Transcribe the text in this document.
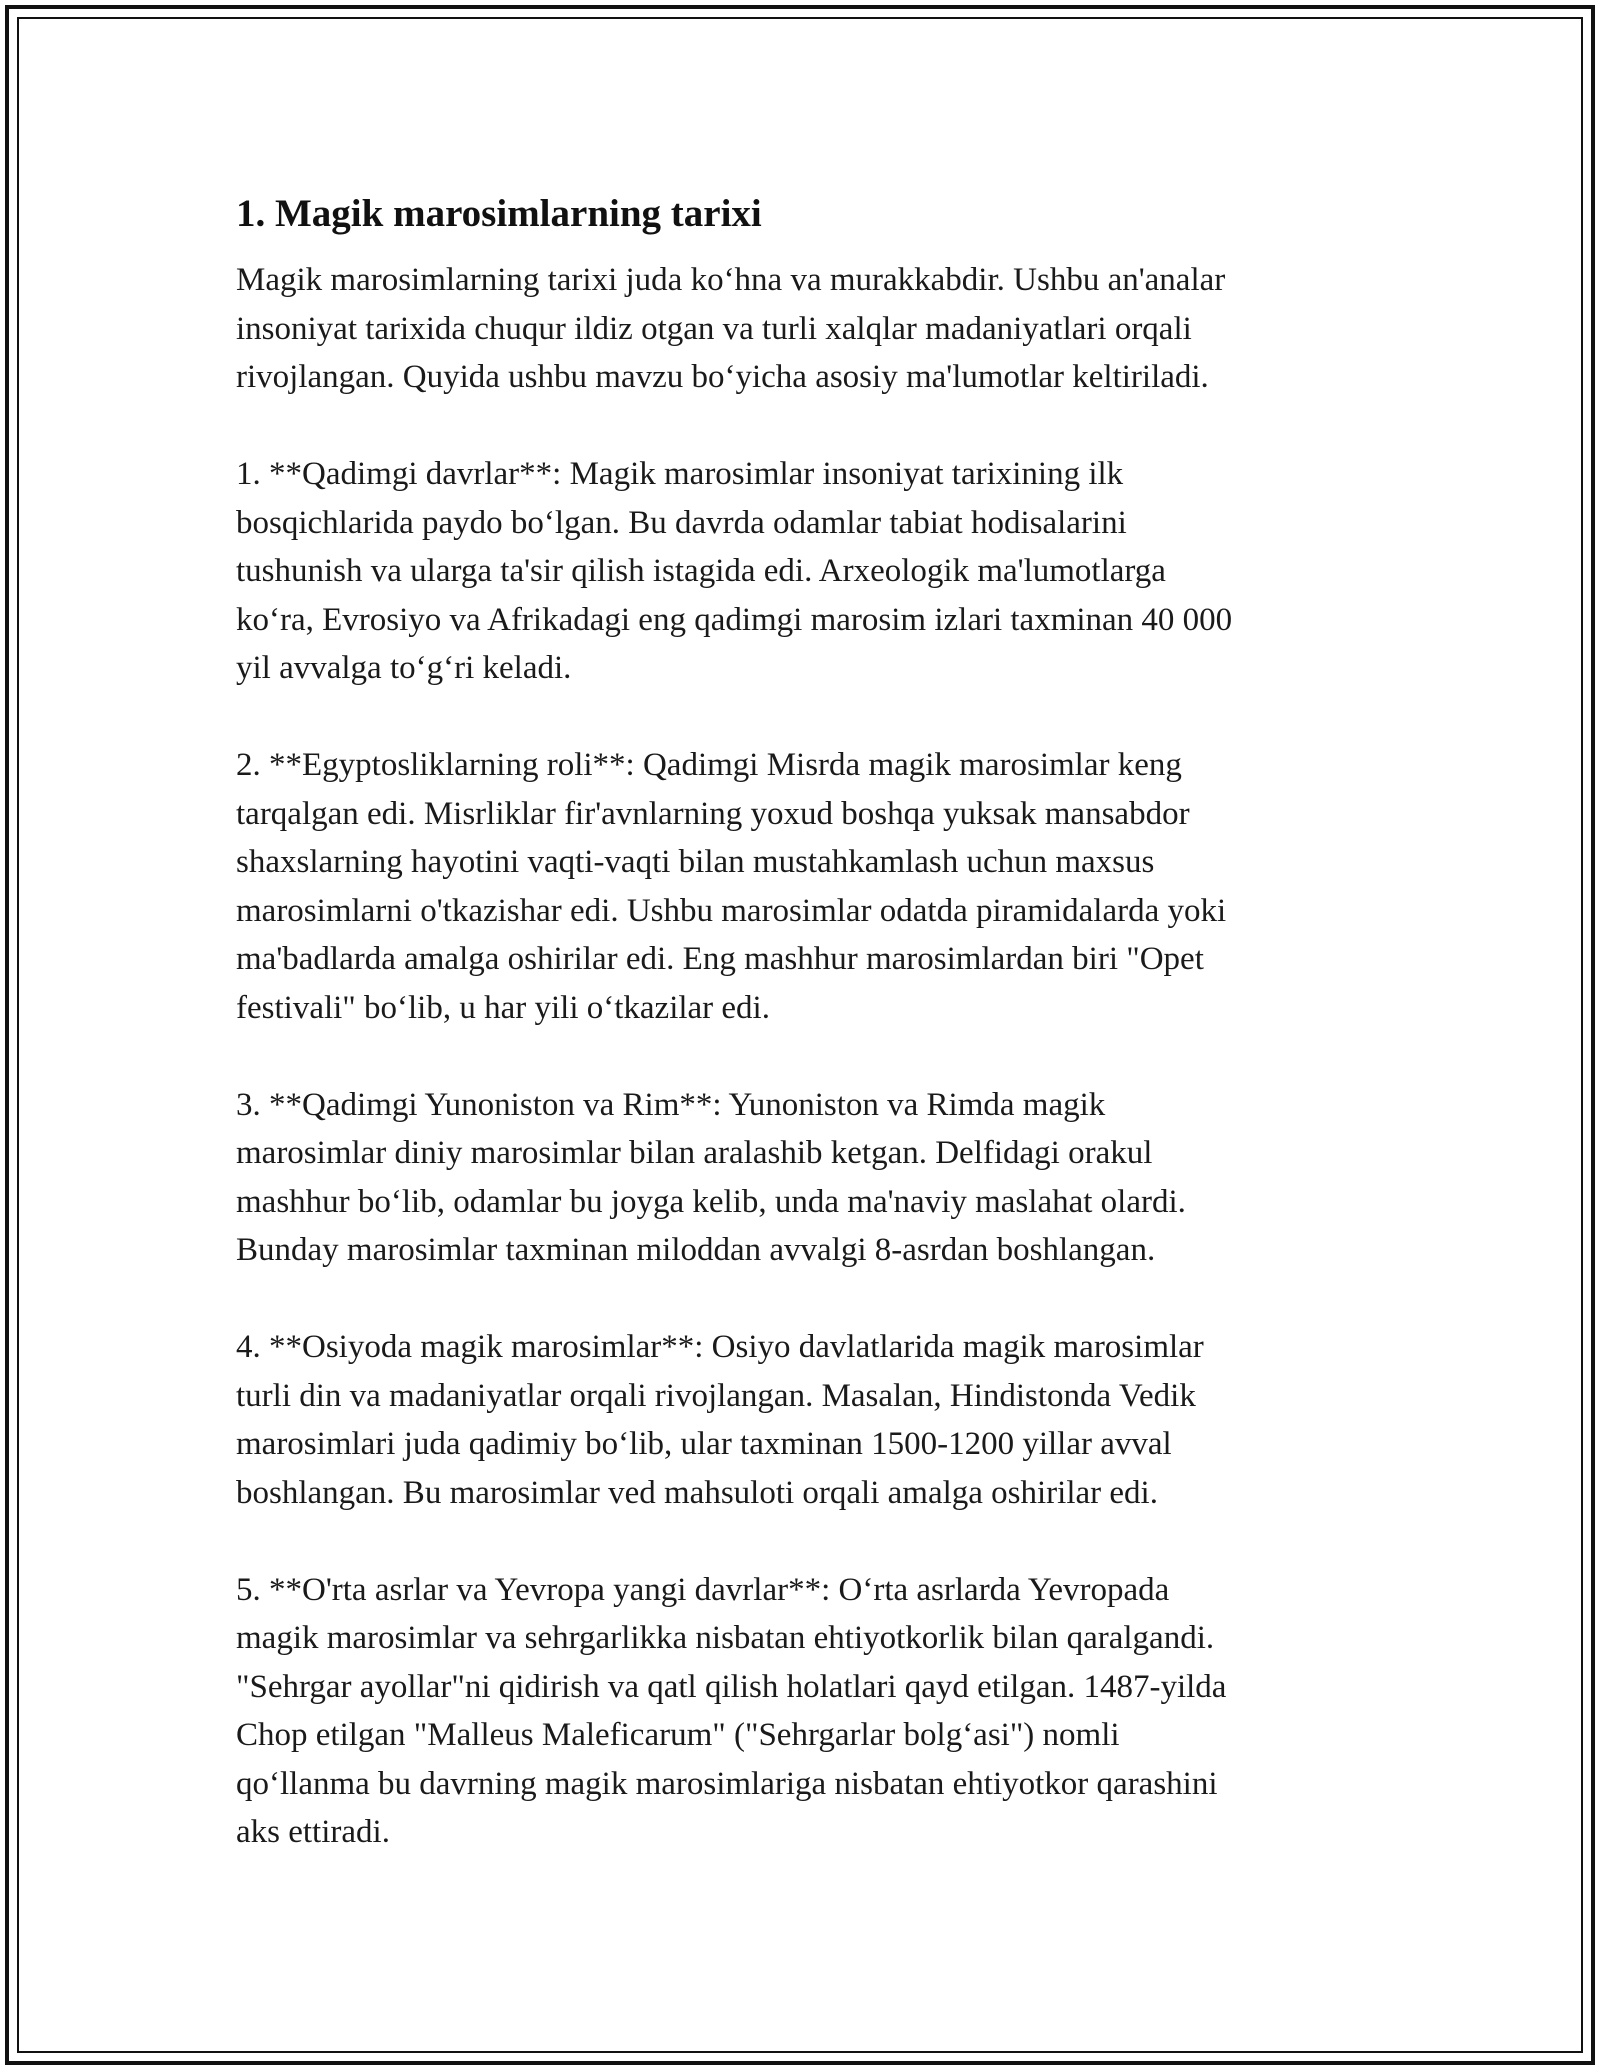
1. Magik marosimlarning tarixi

Magik marosimlarning tarixi juda ko‘hna va murakkabdir. Ushbu an'analar
insoniyat tarixida chuqur ildiz otgan va turli xalqlar madaniyatlari orqali
rivojlangan. Quyida ushbu mavzu bo‘yicha asosiy ma'lumotlar keltiriladi.

1. **Qadimgi davrlar**: Magik marosimlar insoniyat tarixining ilk
bosqichlarida paydo bo‘lgan. Bu davrda odamlar tabiat hodisalarini
tushunish va ularga ta'sir qilish istagida edi. Arxeologik ma'lumotlarga
ko‘ra, Evrosiyo va Afrikadagi eng qadimgi marosim izlari taxminan 40 000
yil avvalga to‘g‘ri keladi.

2. **Egyptosliklarning roli**: Qadimgi Misrda magik marosimlar keng
tarqalgan edi. Misrliklar fir'avnlarning yoxud boshqa yuksak mansabdor
shaxslarning hayotini vaqti-vaqti bilan mustahkamlash uchun maxsus
marosimlarni o'tkazishar edi. Ushbu marosimlar odatda piramidalarda yoki
ma'badlarda amalga oshirilar edi. Eng mashhur marosimlardan biri "Opet
festivali" bo‘lib, u har yili o‘tkazilar edi.

3. **Qadimgi Yunoniston va Rim**: Yunoniston va Rimda magik
marosimlar diniy marosimlar bilan aralashib ketgan. Delfidagi orakul
mashhur bo‘lib, odamlar bu joyga kelib, unda ma'naviy maslahat olardi.
Bunday marosimlar taxminan miloddan avvalgi 8-asrdan boshlangan.

4. **Osiyoda magik marosimlar**: Osiyo davlatlarida magik marosimlar
turli din va madaniyatlar orqali rivojlangan. Masalan, Hindistonda Vedik
marosimlari juda qadimiy bo‘lib, ular taxminan 1500-1200 yillar avval
boshlangan. Bu marosimlar ved mahsuloti orqali amalga oshirilar edi.

5. **O'rta asrlar va Yevropa yangi davrlar**: O‘rta asrlarda Yevropada
magik marosimlar va sehrgarlikka nisbatan ehtiyotkorlik bilan qaralgandi.
"Sehrgar ayollar"ni qidirish va qatl qilish holatlari qayd etilgan. 1487-yilda
Chop etilgan "Malleus Maleficarum" ("Sehrgarlar bolg‘asi") nomli
qo‘llanma bu davrning magik marosimlariga nisbatan ehtiyotkor qarashini
aks ettiradi.
